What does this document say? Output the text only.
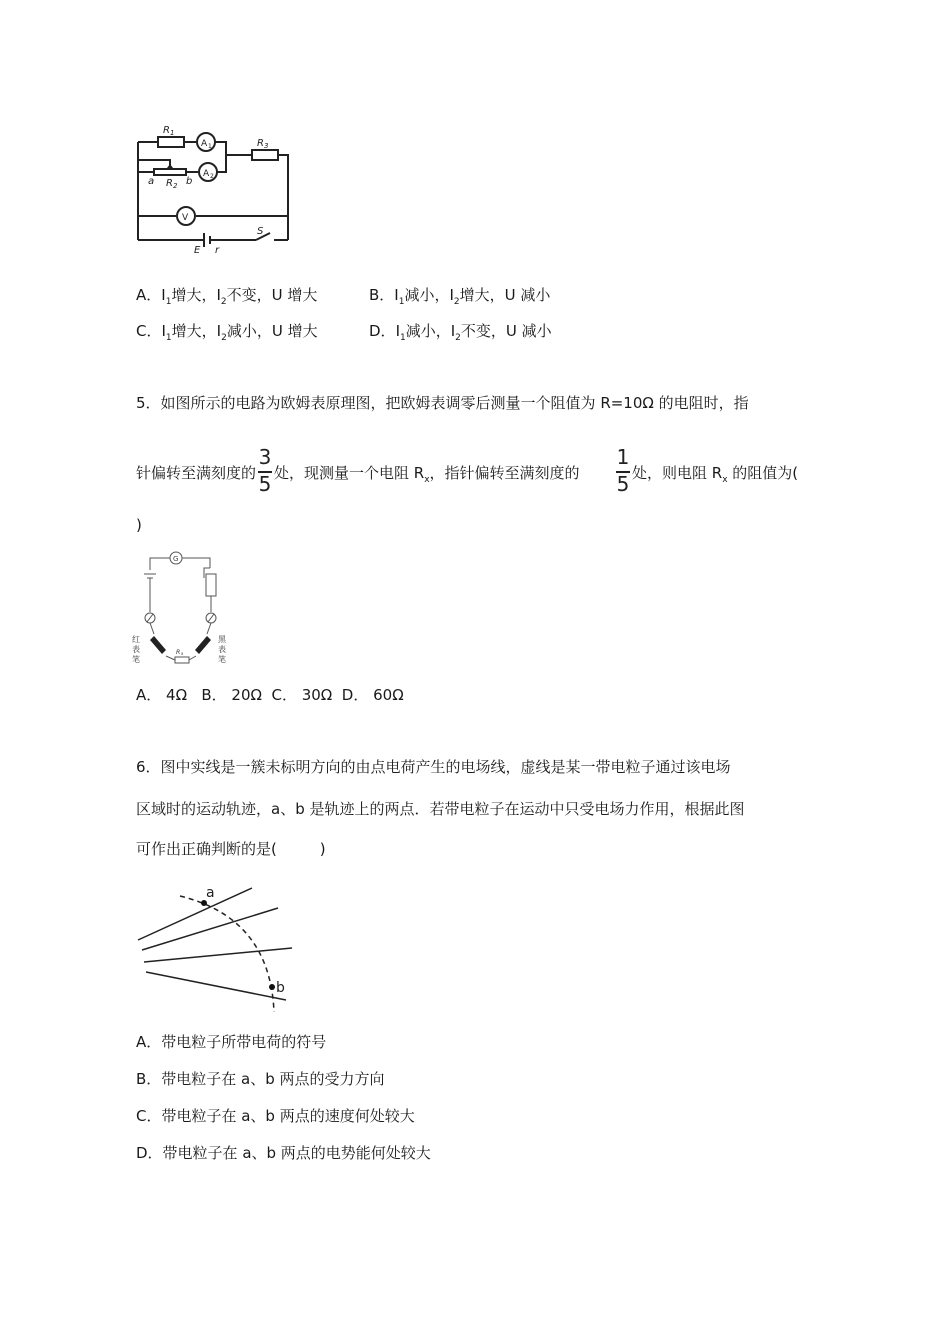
R 1
A 1	R 3
a R 2 b
A 2
V
S
E r
A．$I_1$增大，$I_2$不变，U 增大	B．$I_1$减小，$I_2$增大，U 减小
C．$I_1$增大，$I_2$减小，U 增大	D．$I_1$减小，$I_2$不变，U 减小
5．如图所示的电路为欧姆表原理图，把欧姆表调零后测量一个阻值为 R=10Ω 的电阻时，指
针偏转至满刻度的
3
5 处，现测量一个电阻 $R_x$，指针偏转至满刻度的
1
5 处，则电阻 $R_x$ 的阻值为(
)
G
红
表
笔
黑
表
笔
R x
A． 4Ω   B． 20Ω  C． 30Ω  D． 60Ω
6．图中实线是一簇未标明方向的由点电荷产生的电场线，虚线是某一带电粒子通过该电场
区域时的运动轨迹，a、b 是轨迹上的两点．若带电粒子在运动中只受电场力作用，根据此图
可作出正确判断的是(         )
a
b
A．带电粒子所带电荷的符号
B．带电粒子在 a、b 两点的受力方向
C．带电粒子在 a、b 两点的速度何处较大
D．带电粒子在 a、b 两点的电势能何处较大
